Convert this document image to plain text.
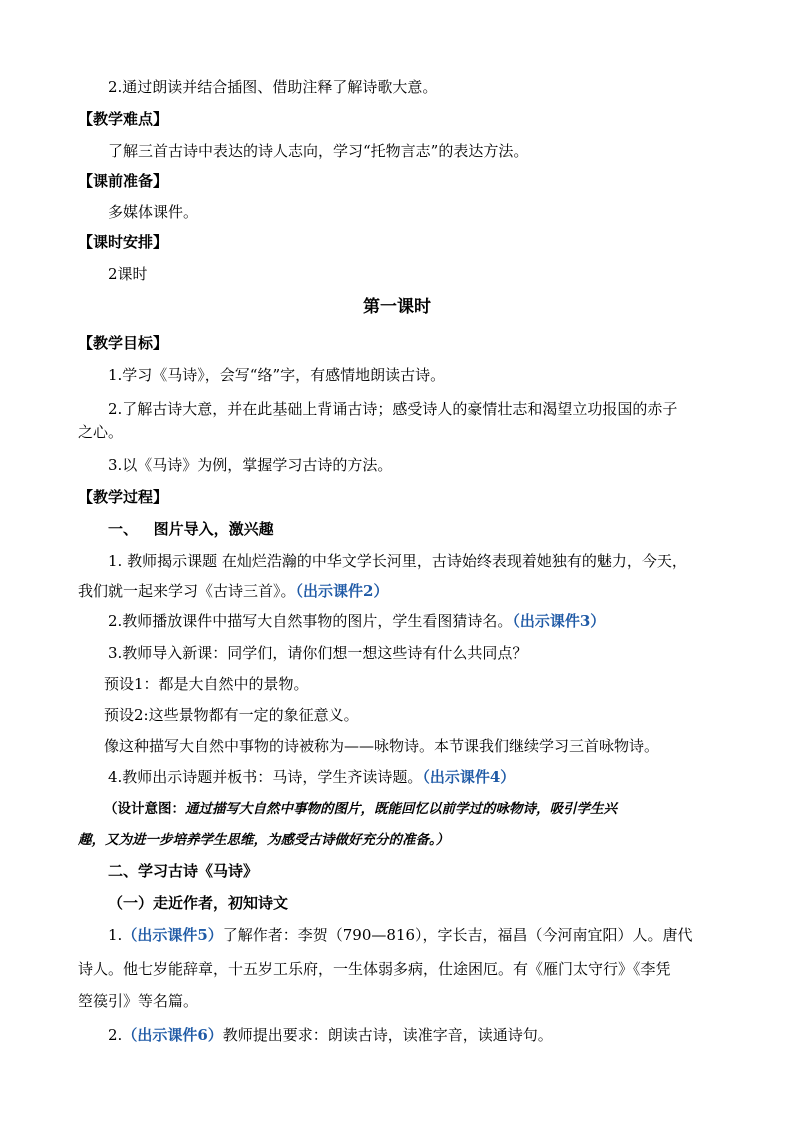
2.通过朗读并结合插图、借助注释了解诗歌大意。
【教学难点】
了解三首古诗中表达的诗人志向，学习“托物言志”的表达方法。
【课前准备】
多媒体课件。
【课时安排】
2课时
第一课时
【教学目标】
1.学习《马诗》，会写“络”字，有感情地朗读古诗。
2.了解古诗大意，并在此基础上背诵古诗；感受诗人的豪情壮志和渴望立功报国的赤子
之心。
3.以《马诗》为例，掌握学习古诗的方法。
【教学过程】
一、   图片导入，激兴趣
1. 教师揭示课题 在灿烂浩瀚的中华文学长河里，古诗始终表现着她独有的魅力，今天，
我们就一起来学习《古诗三首》。（出示课件2）
2.教师播放课件中描写大自然事物的图片，学生看图猜诗名。（出示课件3）
3.教师导入新课：同学们，请你们想一想这些诗有什么共同点？
预设1：都是大自然中的景物。
预设2:这些景物都有一定的象征意义。
像这种描写大自然中事物的诗被称为——咏物诗。本节课我们继续学习三首咏物诗。
4.教师出示诗题并板书：马诗，学生齐读诗题。（出示课件4）
（设计意图：通过描写大自然中事物的图片，既能回忆以前学过的咏物诗，吸引学生兴
趣，又为进一步培养学生思维，为感受古诗做好充分的准备。）
二、学习古诗《马诗》
（一）走近作者，初知诗文
1.（出示课件5）了解作者：李贺（790—816），字长吉，福昌（今河南宜阳）人。唐代
诗人。他七岁能辞章，十五岁工乐府，一生体弱多病，仕途困厄。有《雁门太守行》《李凭
箜篌引》等名篇。
2.（出示课件6）教师提出要求：朗读古诗，读准字音，读通诗句。
